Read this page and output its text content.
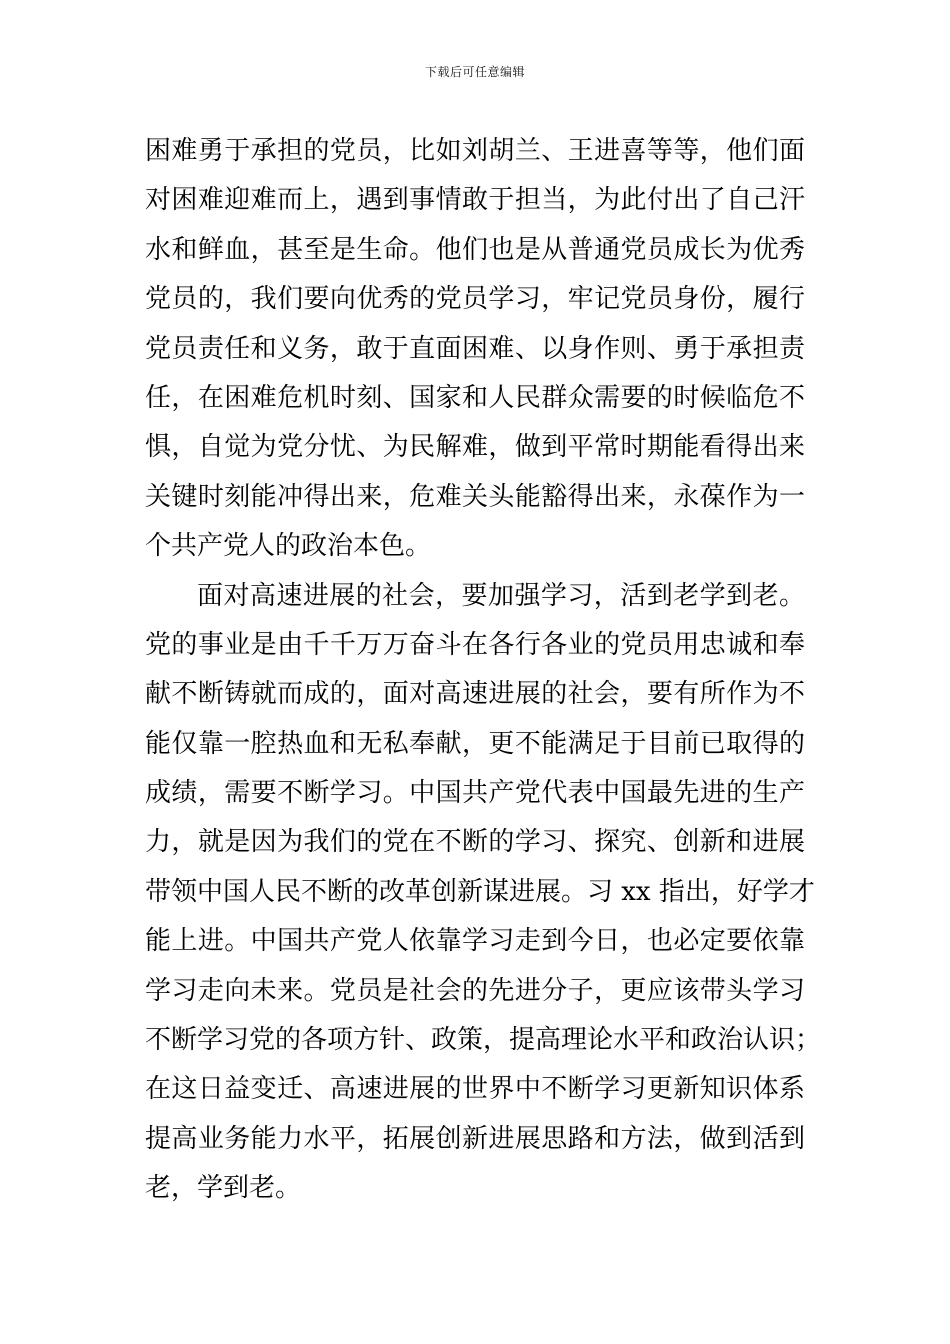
下载后可任意编辑
困难勇于承担的党员，比如刘胡兰、王进喜等等，他们面
对困难迎难而上，遇到事情敢于担当，为此付出了自己汗
水和鲜血，甚至是生命。他们也是从普通党员成长为优秀
党员的，我们要向优秀的党员学习，牢记党员身份，履行
党员责任和义务，敢于直面困难、以身作则、勇于承担责
任，在困难危机时刻、国家和人民群众需要的时候临危不
惧，自觉为党分忧、为民解难，做到平常时期能看得出来
关键时刻能冲得出来，危难关头能豁得出来，永葆作为一
个共产党人的政治本色。
面对高速进展的社会，要加强学习，活到老学到老。
党的事业是由千千万万奋斗在各行各业的党员用忠诚和奉
献不断铸就而成的，面对高速进展的社会，要有所作为不
能仅靠一腔热血和无私奉献，更不能满足于目前已取得的
成绩，需要不断学习。中国共产党代表中国最先进的生产
力，就是因为我们的党在不断的学习、探究、创新和进展
带领中国人民不断的改革创新谋进展。习 xx 指出，好学才
能上进。中国共产党人依靠学习走到今日，也必定要依靠
学习走向未来。党员是社会的先进分子，更应该带头学习
不断学习党的各项方针、政策，提高理论水平和政治认识；
在这日益变迁、高速进展的世界中不断学习更新知识体系
提高业务能力水平，拓展创新进展思路和方法，做到活到
老，学到老。
